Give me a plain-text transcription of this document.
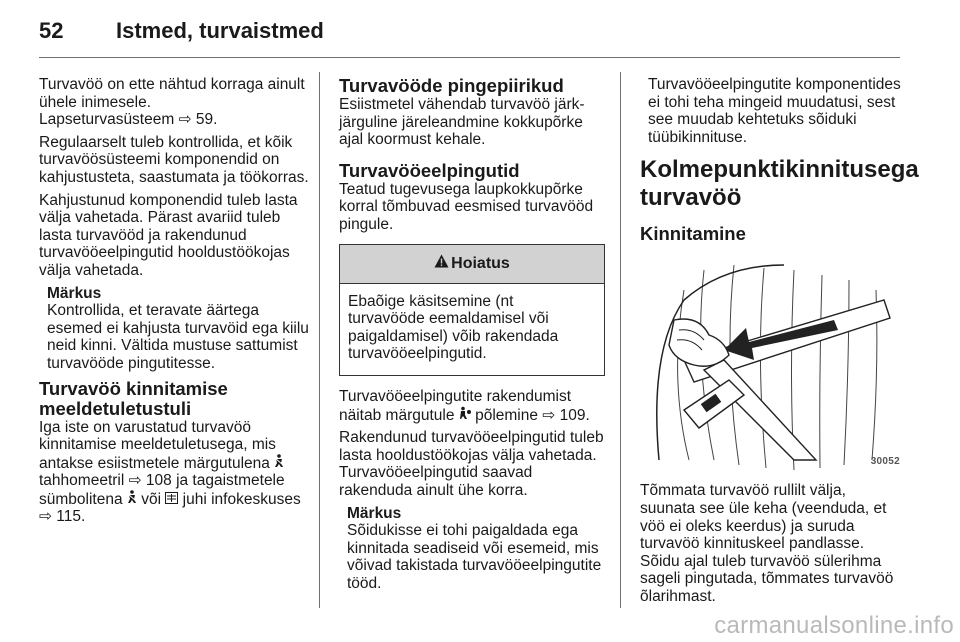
52 Istmed, turvaistmed

Turvavöö on ette nähtud korraga ainult ühele inimesele.
Lapseturvasüsteem ⇨ 59.

Regulaarselt tuleb kontrollida, et kõik turvavöösüsteemi komponendid on kahjustusteta, saastumata ja töökorras.

Kahjustunud komponendid tuleb lasta välja vahetada. Pärast avariid tuleb lasta turvavööd ja rakendunud turvavööeelpingutid hooldustöökojas välja vahetada.

Märkus
Kontrollida, et teravate äärtega esemed ei kahjusta turvavöid ega kiilu neid kinni. Vältida mustuse sattumist turvavööde pingutitesse.
Turvavöö kinnitamise meeldetuletustuli

Iga iste on varustatud turvavöö kinnitamise meeldetuletusega, mis antakse esiistmetele märgutulena  tahhomeetril ⇨ 108 ja tagaistmetele sümbolitena või juhi infokeskuses ⇨ 115.

Turvavööde pingepiirikud

Esiistmetel vähendab turvavöö järk-järguline järeleandmine kokkupõrke ajal koormust kehale.

Turvavööeelpingutid

Teatud tugevusega laupkokkupõrke korral tõmbuvad eesmised turvavööd pingule.

Hoiatus
Ebaõige käsitsemine (nt turvavööde eemaldamisel või paigaldamisel) võib rakendada turvavööeelpingutid.

Turvavööeelpingutite rakendumist näitab märgutule põlemine ⇨ 109.

Rakendunud turvavööeelpingutid tuleb lasta hooldustöökojas välja vahetada. Turvavööeelpingutid saavad rakenduda ainult ühe korra.

Märkus
Sõidukisse ei tohi paigaldada ega kinnitada seadiseid või esemeid, mis võivad takistada turvavööeelpingutite tööd.

Turvavööeelpingutite komponentides ei tohi teha mingeid muudatusi, sest see muudab kehtetuks sõiduki tüübikinnituse.

Kolmepunktikinnitusega turvavöö
Kinnitamine
30052

Tõmmata turvavöö rullilt välja, suunata see üle keha (veenduda, et vöö ei oleks keerdus) ja suruda turvavöö kinnituskeel pandlasse. Sõidu ajal tuleb turvavöö sülerihma sageli pingutada, tõmmates turvavöö õlarihmast.

carmanualsonline.info
